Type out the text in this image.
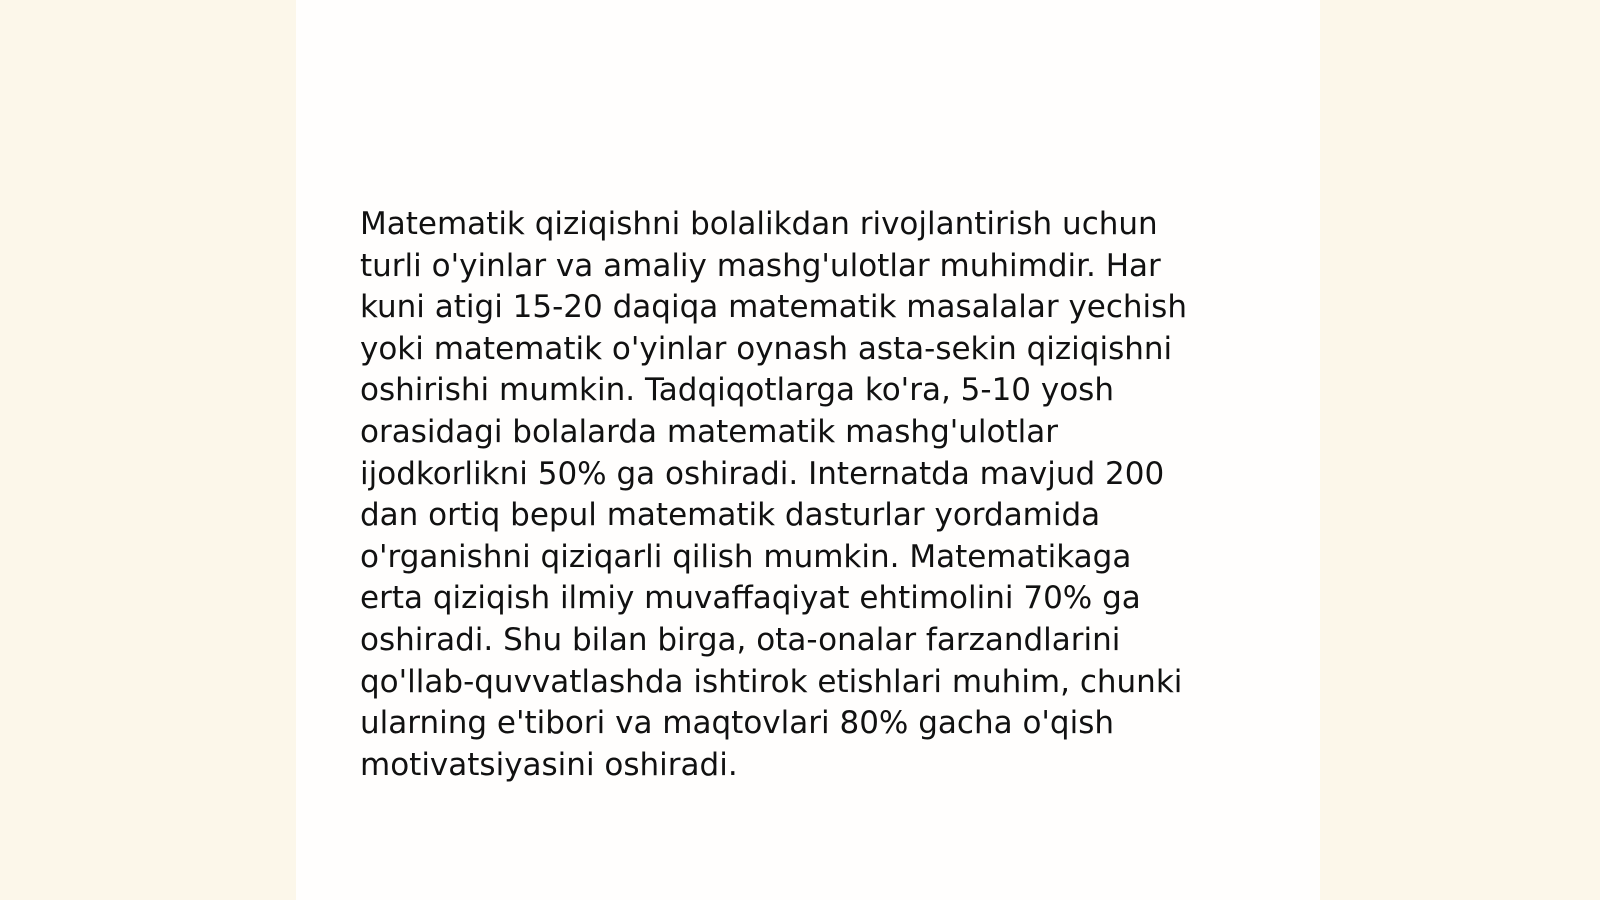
Matematik qiziqishni bolalikdan rivojlantirish uchun
turli o'yinlar va amaliy mashg'ulotlar muhimdir. Har
kuni atigi 15-20 daqiqa matematik masalalar yechish
yoki matematik o'yinlar oynash asta-sekin qiziqishni
oshirishi mumkin. Tadqiqotlarga ko'ra, 5-10 yosh
orasidagi bolalarda matematik mashg'ulotlar
ijodkorlikni 50% ga oshiradi. Internatda mavjud 200
dan ortiq bepul matematik dasturlar yordamida
o'rganishni qiziqarli qilish mumkin. Matematikaga
erta qiziqish ilmiy muvaffaqiyat ehtimolini 70% ga
oshiradi. Shu bilan birga, ota-onalar farzandlarini
qo'llab-quvvatlashda ishtirok etishlari muhim, chunki
ularning e'tibori va maqtovlari 80% gacha o'qish
motivatsiyasini oshiradi.
